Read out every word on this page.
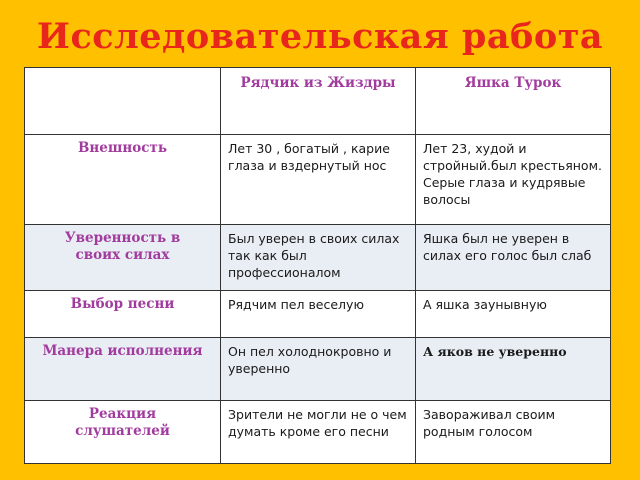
Исследовательская работа

	Рядчик из Жиздры	Яшка Турок

Внешность	Лет 30 , богатый , карие глаза и вздернутый нос	Лет 23, худой и стройный.был крестьяном. Серые глаза и кудрявые волосы

Уверенность в своих силах	Был уверен в своих силах так как был профессионалом	Яшка был не уверен в силах его голос был слаб

Выбор песни	Рядчим пел веселую	А яшка заунывную

Манера исполнения	Он пел холоднокровно и уверенно	А яков не уверенно

Реакция слушателей	Зрители не могли не о чем думать кроме его песни	Завораживал своим родным голосом
